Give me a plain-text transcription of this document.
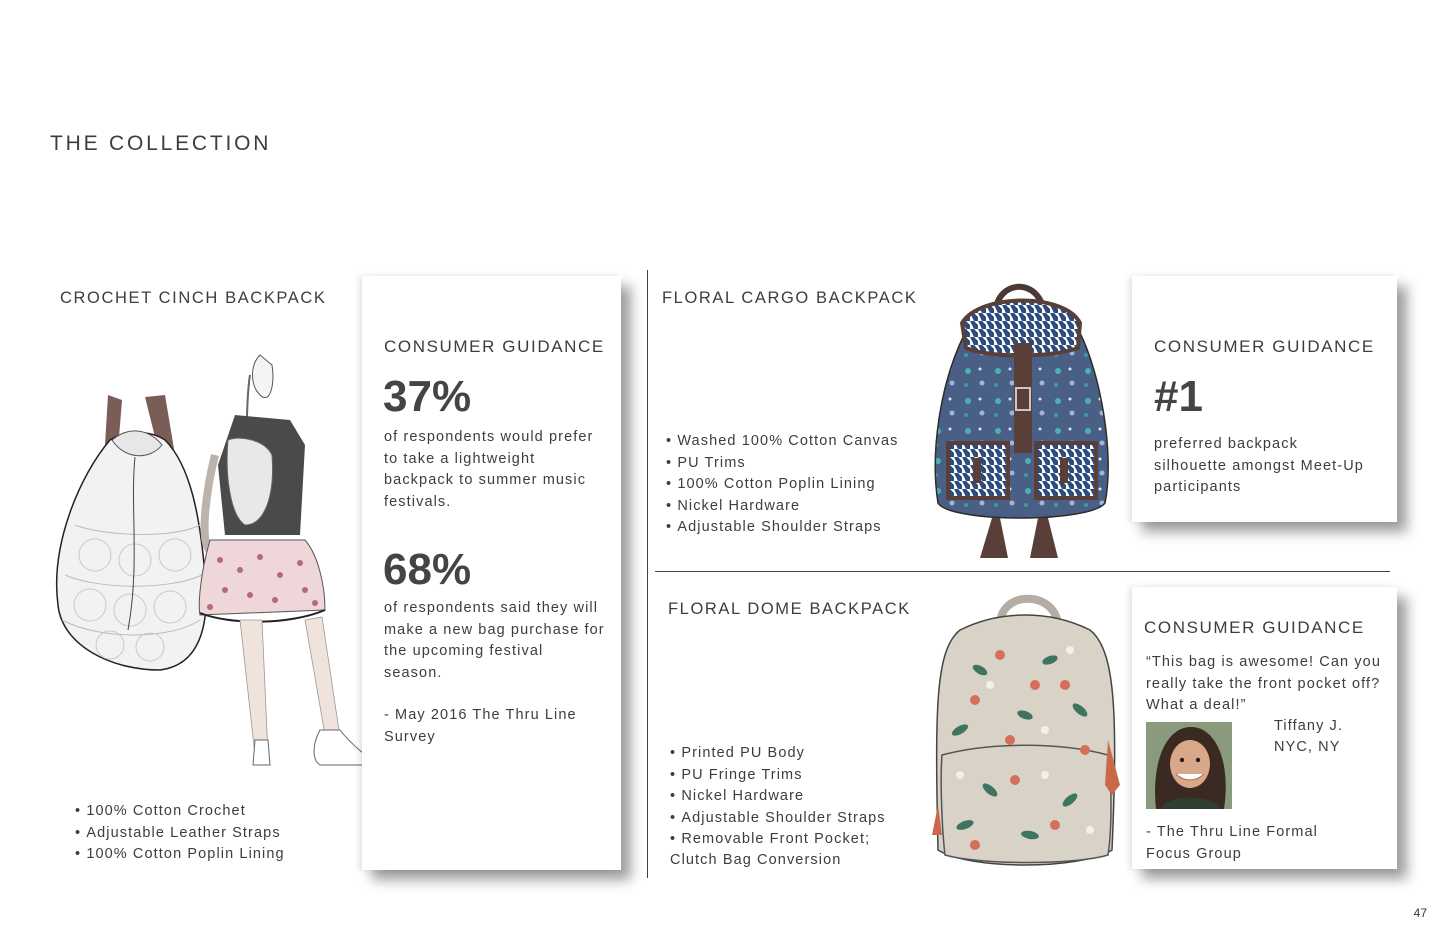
THE COLLECTION
CROCHET CINCH BACKPACK
• 100% Cotton Crochet
• Adjustable Leather Straps
• 100% Cotton Poplin Lining
CONSUMER GUIDANCE
37%
of respondents would prefer to take a lightweight backpack to summer music festivals.
68%
of respondents said they will make a new bag purchase for the upcoming festival season.
- May 2016 The Thru Line Survey
FLORAL CARGO BACKPACK
• Washed 100% Cotton Canvas
• PU Trims
• 100% Cotton Poplin Lining
• Nickel Hardware
• Adjustable Shoulder Straps
CONSUMER GUIDANCE
#1
preferred backpack silhouette amongst Meet-Up participants
FLORAL DOME BACKPACK
• Printed PU Body
• PU Fringe Trims
• Nickel Hardware
• Adjustable Shoulder Straps
• Removable Front Pocket;
Clutch Bag Conversion
CONSUMER GUIDANCE
“This bag is awesome! Can you really take the front pocket off? What a deal!”
Tiffany J.
NYC, NY
- The Thru Line Formal Focus Group
47
